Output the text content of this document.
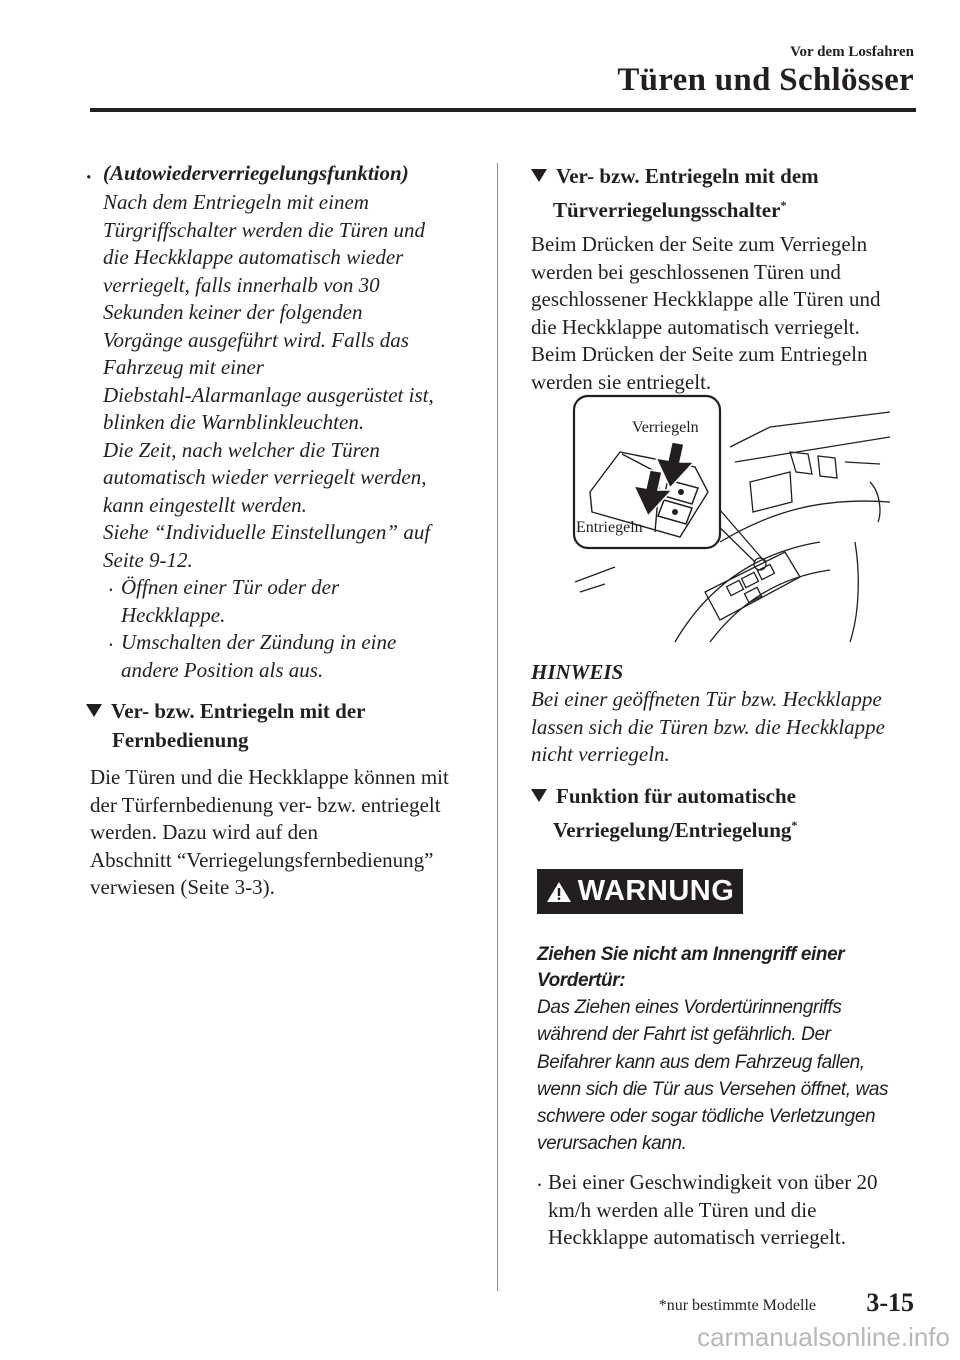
Vor dem Losfahren
Türen und Schlösser
· (Autowiederverriegelungsfunktion)
Nach dem Entriegeln mit einem
Türgriffschalter werden die Türen und
die Heckklappe automatisch wieder
verriegelt, falls innerhalb von 30
Sekunden keiner der folgenden
Vorgänge ausgeführt wird. Falls das
Fahrzeug mit einer
Diebstahl-Alarmanlage ausgerüstet ist,
blinken die Warnblinkleuchten.
Die Zeit, nach welcher die Türen
automatisch wieder verriegelt werden,
kann eingestellt werden.
Siehe “Individuelle Einstellungen” auf
Seite 9-12.
· Öffnen einer Tür oder der
Heckklappe.
· Umschalten der Zündung in eine
andere Position als aus.
Ver- bzw. Entriegeln mit der
Fernbedienung
Die Türen und die Heckklappe können mit
der Türfernbedienung ver- bzw. entriegelt
werden. Dazu wird auf den
Abschnitt “Verriegelungsfernbedienung”
verwiesen (Seite 3-3).
Ver- bzw. Entriegeln mit dem
Türverriegelungsschalter*
Beim Drücken der Seite zum Verriegeln
werden bei geschlossenen Türen und
geschlossener Heckklappe alle Türen und
die Heckklappe automatisch verriegelt.
Beim Drücken der Seite zum Entriegeln
werden sie entriegelt.
Verriegeln
Entriegeln
HINWEIS
Bei einer geöffneten Tür bzw. Heckklappe
lassen sich die Türen bzw. die Heckklappe
nicht verriegeln.
Funktion für automatische
Verriegelung/Entriegelung*
WARNUNG
Ziehen Sie nicht am Innengriff einer
Vordertür:
Das Ziehen eines Vordertürinnengriffs
während der Fahrt ist gefährlich. Der
Beifahrer kann aus dem Fahrzeug fallen,
wenn sich die Tür aus Versehen öffnet, was
schwere oder sogar tödliche Verletzungen
verursachen kann.
· Bei einer Geschwindigkeit von über 20
km/h werden alle Türen und die
Heckklappe automatisch verriegelt.
*nur bestimmte Modelle 3-15
carmanualsonline.info
